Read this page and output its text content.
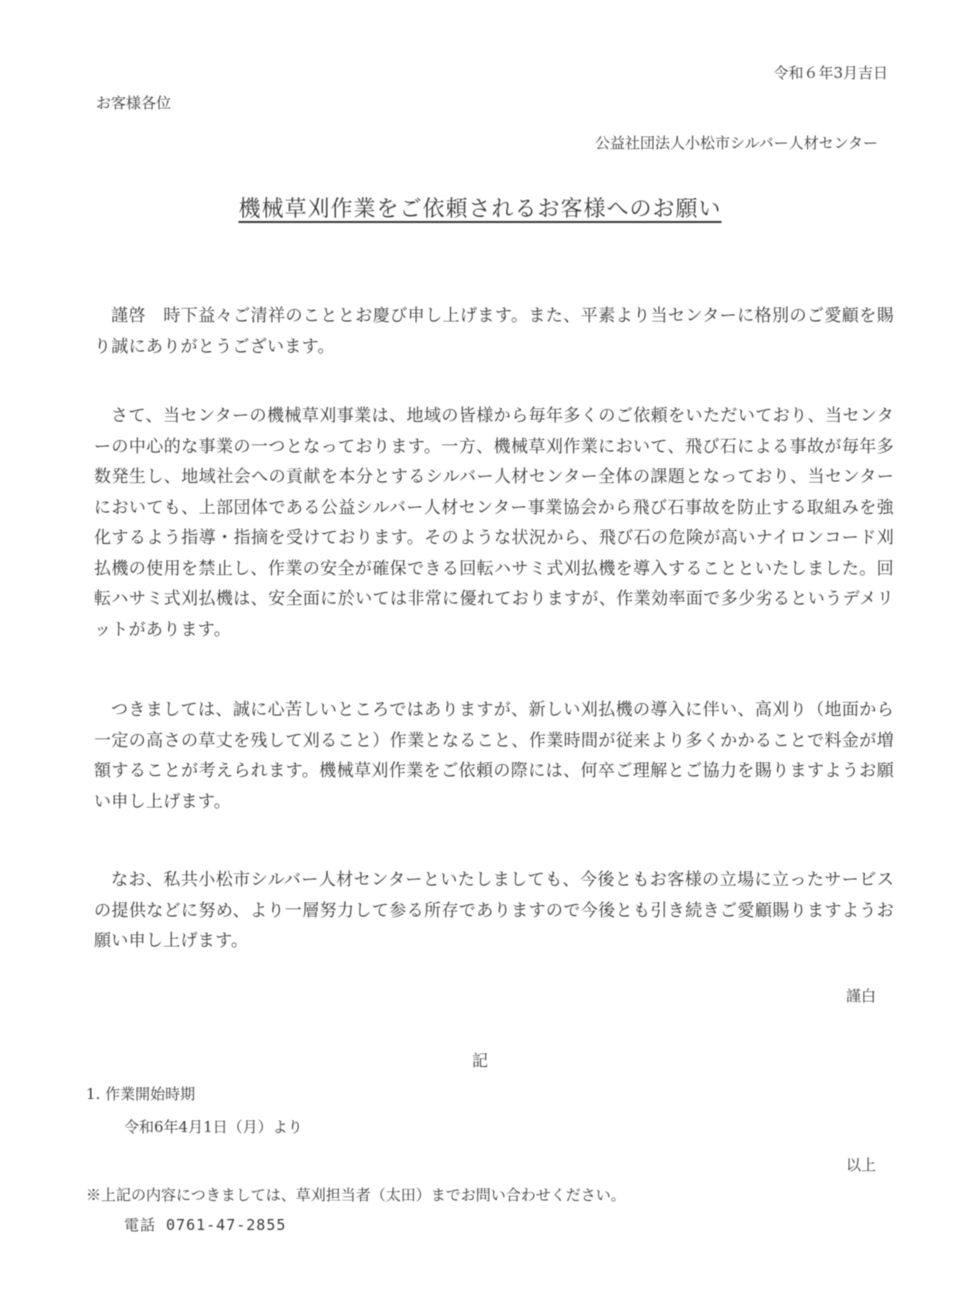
令和６年3月吉日
お客様各位
公益社団法人小松市シルバー人材センター
機械草刈作業をご依頼されるお客様へのお願い

謹啓　時下益々ご清祥のこととお慶び申し上げます。また、平素より当センターに格別のご愛顧を賜り誠にありがとうございます。

さて、当センターの機械草刈事業は、地域の皆様から毎年多くのご依頼をいただいており、当センターの中心的な事業の一つとなっております。一方、機械草刈作業において、飛び石による事故が毎年多数発生し、地域社会への貢献を本分とするシルバー人材センター全体の課題となっており、当センターにおいても、上部団体である公益シルバー人材センター事業協会から飛び石事故を防止する取組みを強化するよう指導・指摘を受けております。そのような状況から、飛び石の危険が高いナイロンコード刈払機の使用を禁止し、作業の安全が確保できる回転ハサミ式刈払機を導入することといたしました。回転ハサミ式刈払機は、安全面に於いては非常に優れておりますが、作業効率面で多少劣るというデメリットがあります。

つきましては、誠に心苦しいところではありますが、新しい刈払機の導入に伴い、高刈り（地面から一定の高さの草丈を残して刈ること）作業となること、作業時間が従来より多くかかることで料金が増額することが考えられます。機械草刈作業をご依頼の際には、何卒ご理解とご協力を賜りますようお願い申し上げます。

なお、私共小松市シルバー人材センターといたしましても、今後ともお客様の立場に立ったサービスの提供などに努め、より一層努力して参る所存でありますので今後とも引き続きご愛顧賜りますようお願い申し上げます。

謹白
記
1. 作業開始時期
令和6年4月1日（月）より
以上
※上記の内容につきましては、草刈担当者（太田）までお問い合わせください。
電話 0761-47-2855
